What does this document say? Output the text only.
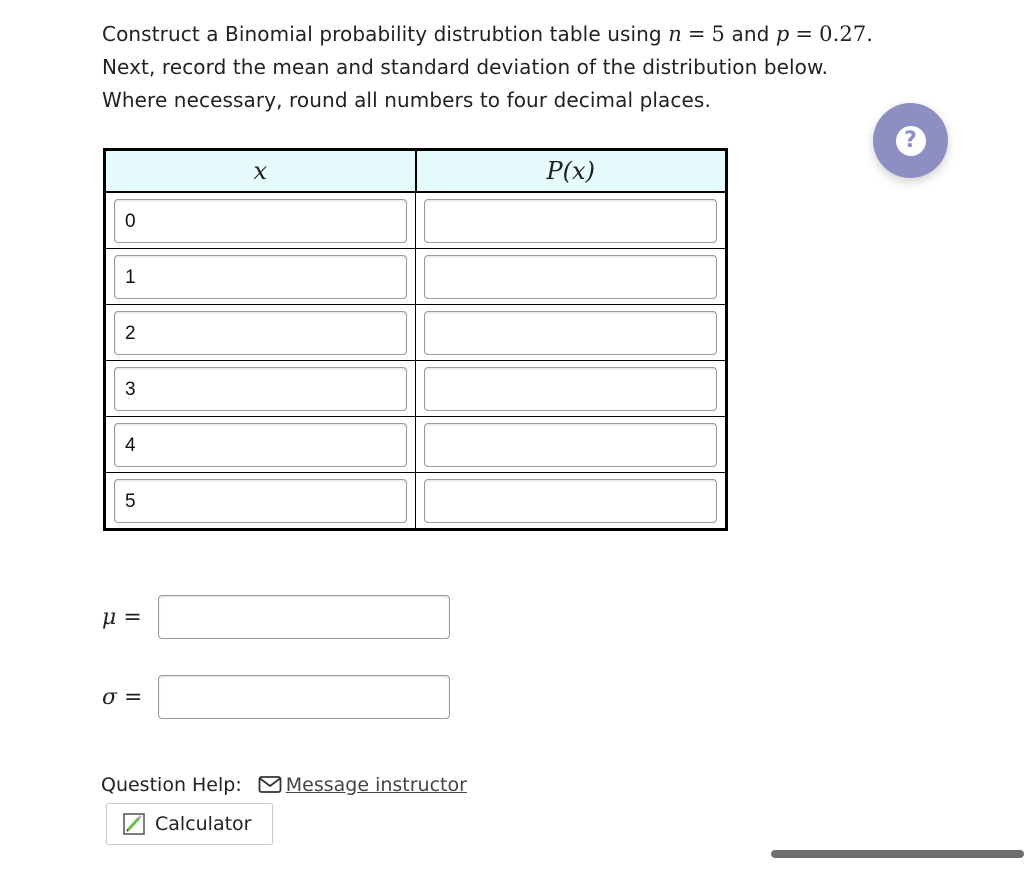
Construct a Binomial probability distrubtion table using n = 5 and p = 0.27.
Next, record the mean and standard deviation of the distribution below.
Where necessary, round all numbers to four decimal places.
?
x	P(x)

0

1

2

3

4

5

μ =
σ =
Question Help: Message instructor
Calculator
